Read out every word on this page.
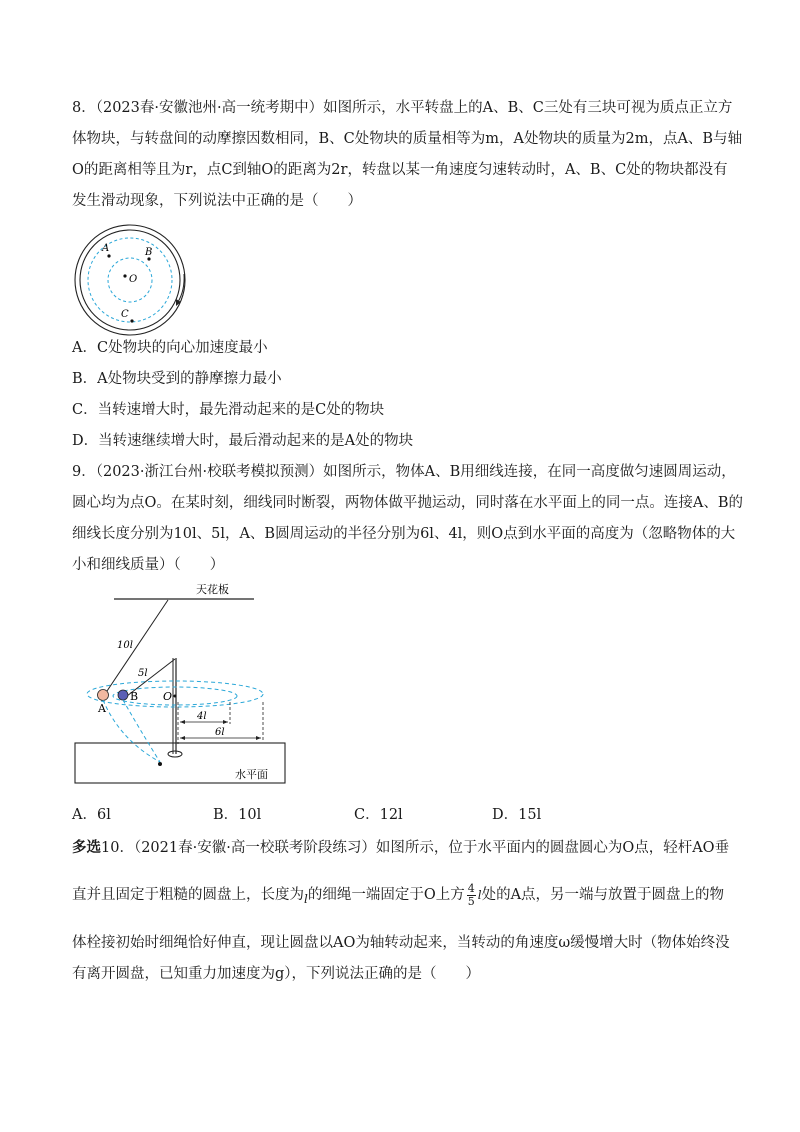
8．（2023春·安徽池州·高一统考期中）如图所示，水平转盘上的A、B、C三处有三块可视为质点正立方
体物块，与转盘间的动摩擦因数相同，B、C处物块的质量相等为m，A处物块的质量为2m，点A、B与轴
O的距离相等且为r，点C到轴O的距离为2r，转盘以某一角速度匀速转动时，A、B、C处的物块都没有
发生滑动现象，下列说法中正确的是（　　）
A	B
O
C
A．C处物块的向心加速度最小
B．A处物块受到的静摩擦力最小
C．当转速增大时，最先滑动起来的是C处的物块
D．当转速继续增大时，最后滑动起来的是A处的物块
9．（2023·浙江台州·校联考模拟预测）如图所示，物体A、B用细线连接，在同一高度做匀速圆周运动，
圆心均为点O。在某时刻，细线同时断裂，两物体做平抛运动，同时落在水平面上的同一点。连接A、B的
细线长度分别为10l、5l，A、B圆周运动的半径分别为6l、4l，则O点到水平面的高度为（忽略物体的大
小和细线质量）（　　）
天花板
水平面
10l
5l
A
B O
4l
6l
A．6l	B．10l	C．12l	D．15l
多选10．（2021春·安徽·高一校联考阶段练习）如图所示，位于水平面内的圆盘圆心为O点，轻杆AO垂
直并且固定于粗糙的圆盘上，长度为$_l$的细绳一端固定于O上方 $\frac{4}{5}$ l处的A点，另一端与放置于圆盘上的物
体栓接初始时细绳恰好伸直，现让圆盘以AO为轴转动起来，当转动的角速度ω缓慢增大时（物体始终没
有离开圆盘，已知重力加速度为g），下列说法正确的是（　　）
